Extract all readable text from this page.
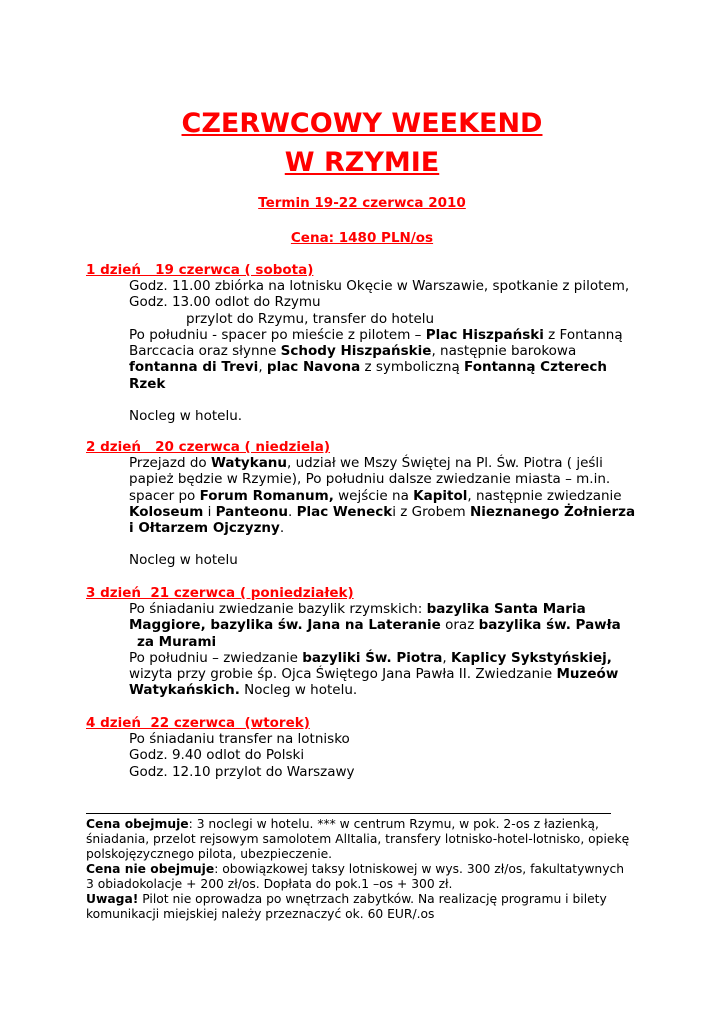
CZERWCOWY WEEKEND
W RZYMIE

Termin 19-22 czerwca 2010

Cena: 1480 PLN/os

1 dzień   19 czerwca ( sobota)

Godz. 11.00 zbiórka na lotnisku Okęcie w Warszawie, spotkanie z pilotem,
Godz. 13.00 odlot do Rzymu
przylot do Rzymu, transfer do hotelu
Po południu - spacer po mieście z pilotem – Plac Hiszpański z Fontanną
Barccacia oraz słynne Schody Hiszpańskie, następnie barokowa
fontanna di Trevi, plac Navona z symboliczną Fontanną Czterech
Rzek
Nocleg w hotelu.

2 dzień   20 czerwca ( niedziela)

Przejazd do Watykanu, udział we Mszy Świętej na Pl. Św. Piotra ( jeśli
papież będzie w Rzymie), Po południu dalsze zwiedzanie miasta – m.in.
spacer po Forum Romanum, wejście na Kapitol, następnie zwiedzanie
Koloseum i Panteonu. Plac Wenecki z Grobem Nieznanego Żołnierza
i Ołtarzem Ojczyzny.
Nocleg w hotelu

3 dzień  21 czerwca ( poniedziałek)

Po śniadaniu zwiedzanie bazylik rzymskich: bazylika Santa Maria
Maggiore, bazylika św. Jana na Lateranie oraz bazylika św. Pawła
za Murami
Po południu – zwiedzanie bazyliki Św. Piotra, Kaplicy Sykstyńskiej,
wizyta przy grobie śp. Ojca Świętego Jana Pawła II. Zwiedzanie Muzeów
Watykańskich. Nocleg w hotelu.

4 dzień  22 czerwca  (wtorek)

Po śniadaniu transfer na lotnisko
Godz. 9.40 odlot do Polski
Godz. 12.10 przylot do Warszawy
Cena obejmuje: 3 noclegi w hotelu. *** w centrum Rzymu, w pok. 2-os z łazienką,
śniadania, przelot rejsowym samolotem AlItalia, transfery lotnisko-hotel-lotnisko, opiekę
polskojęzycznego pilota, ubezpieczenie.
Cena nie obejmuje: obowiązkowej taksy lotniskowej w wys. 300 zł/os, fakultatywnych
3 obiadokolacje + 200 zł/os. Dopłata do pok.1 –os + 300 zł.
Uwaga! Pilot nie oprowadza po wnętrzach zabytków. Na realizację programu i bilety
komunikacji miejskiej należy przeznaczyć ok. 60 EUR/.os
